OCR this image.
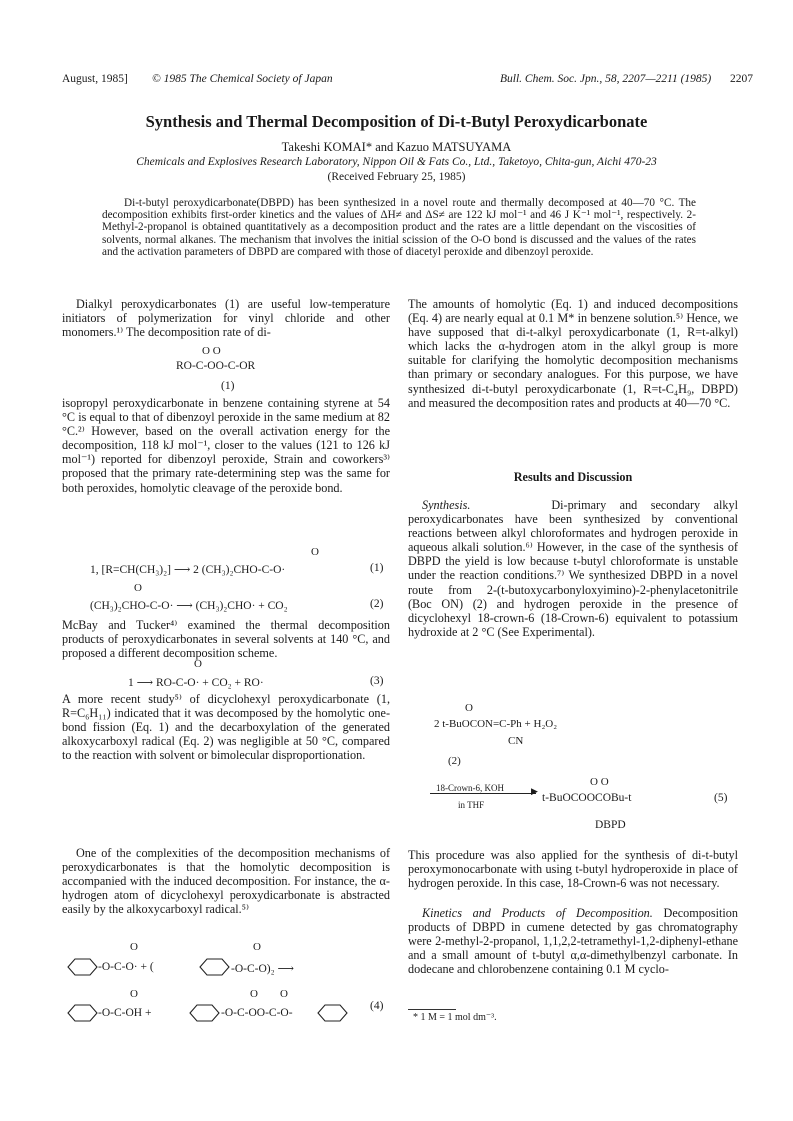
August, 1985] © 1985 The Chemical Society of Japan	Bull. Chem. Soc. Jpn., 58, 2207—2211 (1985) 2207
Synthesis and Thermal Decomposition of Di-t-Butyl Peroxydicarbonate
Takeshi KOMAI* and Kazuo MATSUYAMA
Chemicals and Explosives Research Laboratory, Nippon Oil & Fats Co., Ltd., Taketoyo, Chita-gun, Aichi 470-23
(Received February 25, 1985)
Di-t-butyl peroxydicarbonate(DBPD) has been synthesized in a novel route and thermally decomposed at 40—70 °C. The decomposition exhibits first-order kinetics and the values of ΔH≠ and ΔS≠ are 122 kJ mol⁻¹ and 46 J K⁻¹ mol⁻¹, respectively. 2-Methyl-2-propanol is obtained quantitatively as a decomposition product and the rates are a little dependant on the viscosities of solvents, normal alkanes. The mechanism that involves the initial scission of the O-O bond is discussed and the values of the rates and the activation parameters of DBPD are compared with those of diacetyl peroxide and dibenzoyl peroxide.

Dialkyl peroxydicarbonates (1) are useful low-temperature initiators of polymerization for vinyl chloride and other monomers.¹⁾ The decomposition rate of di-

O O
RO-C-OO-C-OR
(1)

isopropyl peroxydicarbonate in benzene containing styrene at 54 °C is equal to that of dibenzoyl peroxide in the same medium at 82 °C.²⁾ However, based on the overall activation energy for the decomposition, 118 kJ mol⁻¹, closer to the values (121 to 126 kJ mol⁻¹) reported for dibenzoyl peroxide, Strain and coworkers³⁾ proposed that the primary rate-determining step was the same for both peroxides, homolytic cleavage of the peroxide bond.

O
1, [R=CH(CH₃)₂] ⟶ 2 (CH₃)₂CHO-C-O·	(1)
O
(CH₃)₂CHO-C-O· ⟶ (CH₃)₂CHO· + CO₂	(2)

McBay and Tucker⁴⁾ examined the thermal decomposition products of peroxydicarbonates in several solvents at 140 °C, and proposed a different decomposition scheme.

O
1 ⟶ RO-C-O· + CO₂ + RO·	(3)

A more recent study⁵⁾ of dicyclohexyl peroxydicarbonate (1, R=C₆H₁₁) indicated that it was decomposed by the homolytic one-bond fission (Eq. 1) and the decarboxylation of the generated alkoxycarboxyl radical (Eq. 2) was negligible at 50 °C, compared to the reaction with solvent or bimolecular disproportionation.

One of the complexities of the decomposition mechanisms of peroxydicarbonates is that the homolytic decomposition is accompanied with the induced decomposition. For instance, the α-hydrogen atom of dicyclohexyl peroxydicarbonate is abstracted easily by the alkoxycarboxyl radical.⁵⁾

O	O
O	O O
-O-C-O· + (	-O-C-O)₂ ⟶
-O-C-OH +	-O-C-OO-C-O-
(4)

The amounts of homolytic (Eq. 1) and induced decompositions (Eq. 4) are nearly equal at 0.1 M* in benzene solution.⁵⁾ Hence, we have supposed that di-t-alkyl peroxydicarbonate (1, R=t-alkyl) which lacks the α-hydrogen atom in the alkyl group is more suitable for clarifying the homolytic decomposition mechanisms than primary or secondary analogues. For this purpose, we have synthesized di-t-butyl peroxydicarbonate (1, R=t-C₄H₉, DBPD) and measured the decomposition rates and products at 40—70 °C.

Results and Discussion

Synthesis.	Di-primary and secondary alkyl peroxydicarbonates have been synthesized by conventional reactions between alkyl chloroformates and hydrogen peroxide in aqueous alkali solution.⁶⁾ However, in the case of the synthesis of DBPD the yield is low because t-butyl chloroformate is unstable under the reaction conditions.⁷⁾ We synthesized DBPD in a novel route from 2-(t-butoxycarbonyloxyimino)-2-phenylacetonitrile (Boc ON) (2) and hydrogen peroxide in the presence of dicyclohexyl 18-crown-6 (18-Crown-6) equivalent to potassium hydroxide at 2 °C (See Experimental).

O
2 t-BuOCON=C-Ph + H₂O₂
CN
(2)
O O
18-Crown-6, KOH	▶
t-BuOCOOCOBu-t
in THF
(5)
DBPD

This procedure was also applied for the synthesis of di-t-butyl peroxymonocarbonate with using t-butyl hydroperoxide in place of hydrogen peroxide. In this case, 18-Crown-6 was not necessary.

Kinetics and Products of Decomposition. Decomposition products of DBPD in cumene detected by gas chromatography were 2-methyl-2-propanol, 1,1,2,2-tetramethyl-1,2-diphenyl-ethane and a small amount of t-butyl α,α-dimethylbenzyl carbonate. In dodecane and chlorobenzene containing 0.1 M cyclo-

* 1 M = 1 mol dm⁻³.
